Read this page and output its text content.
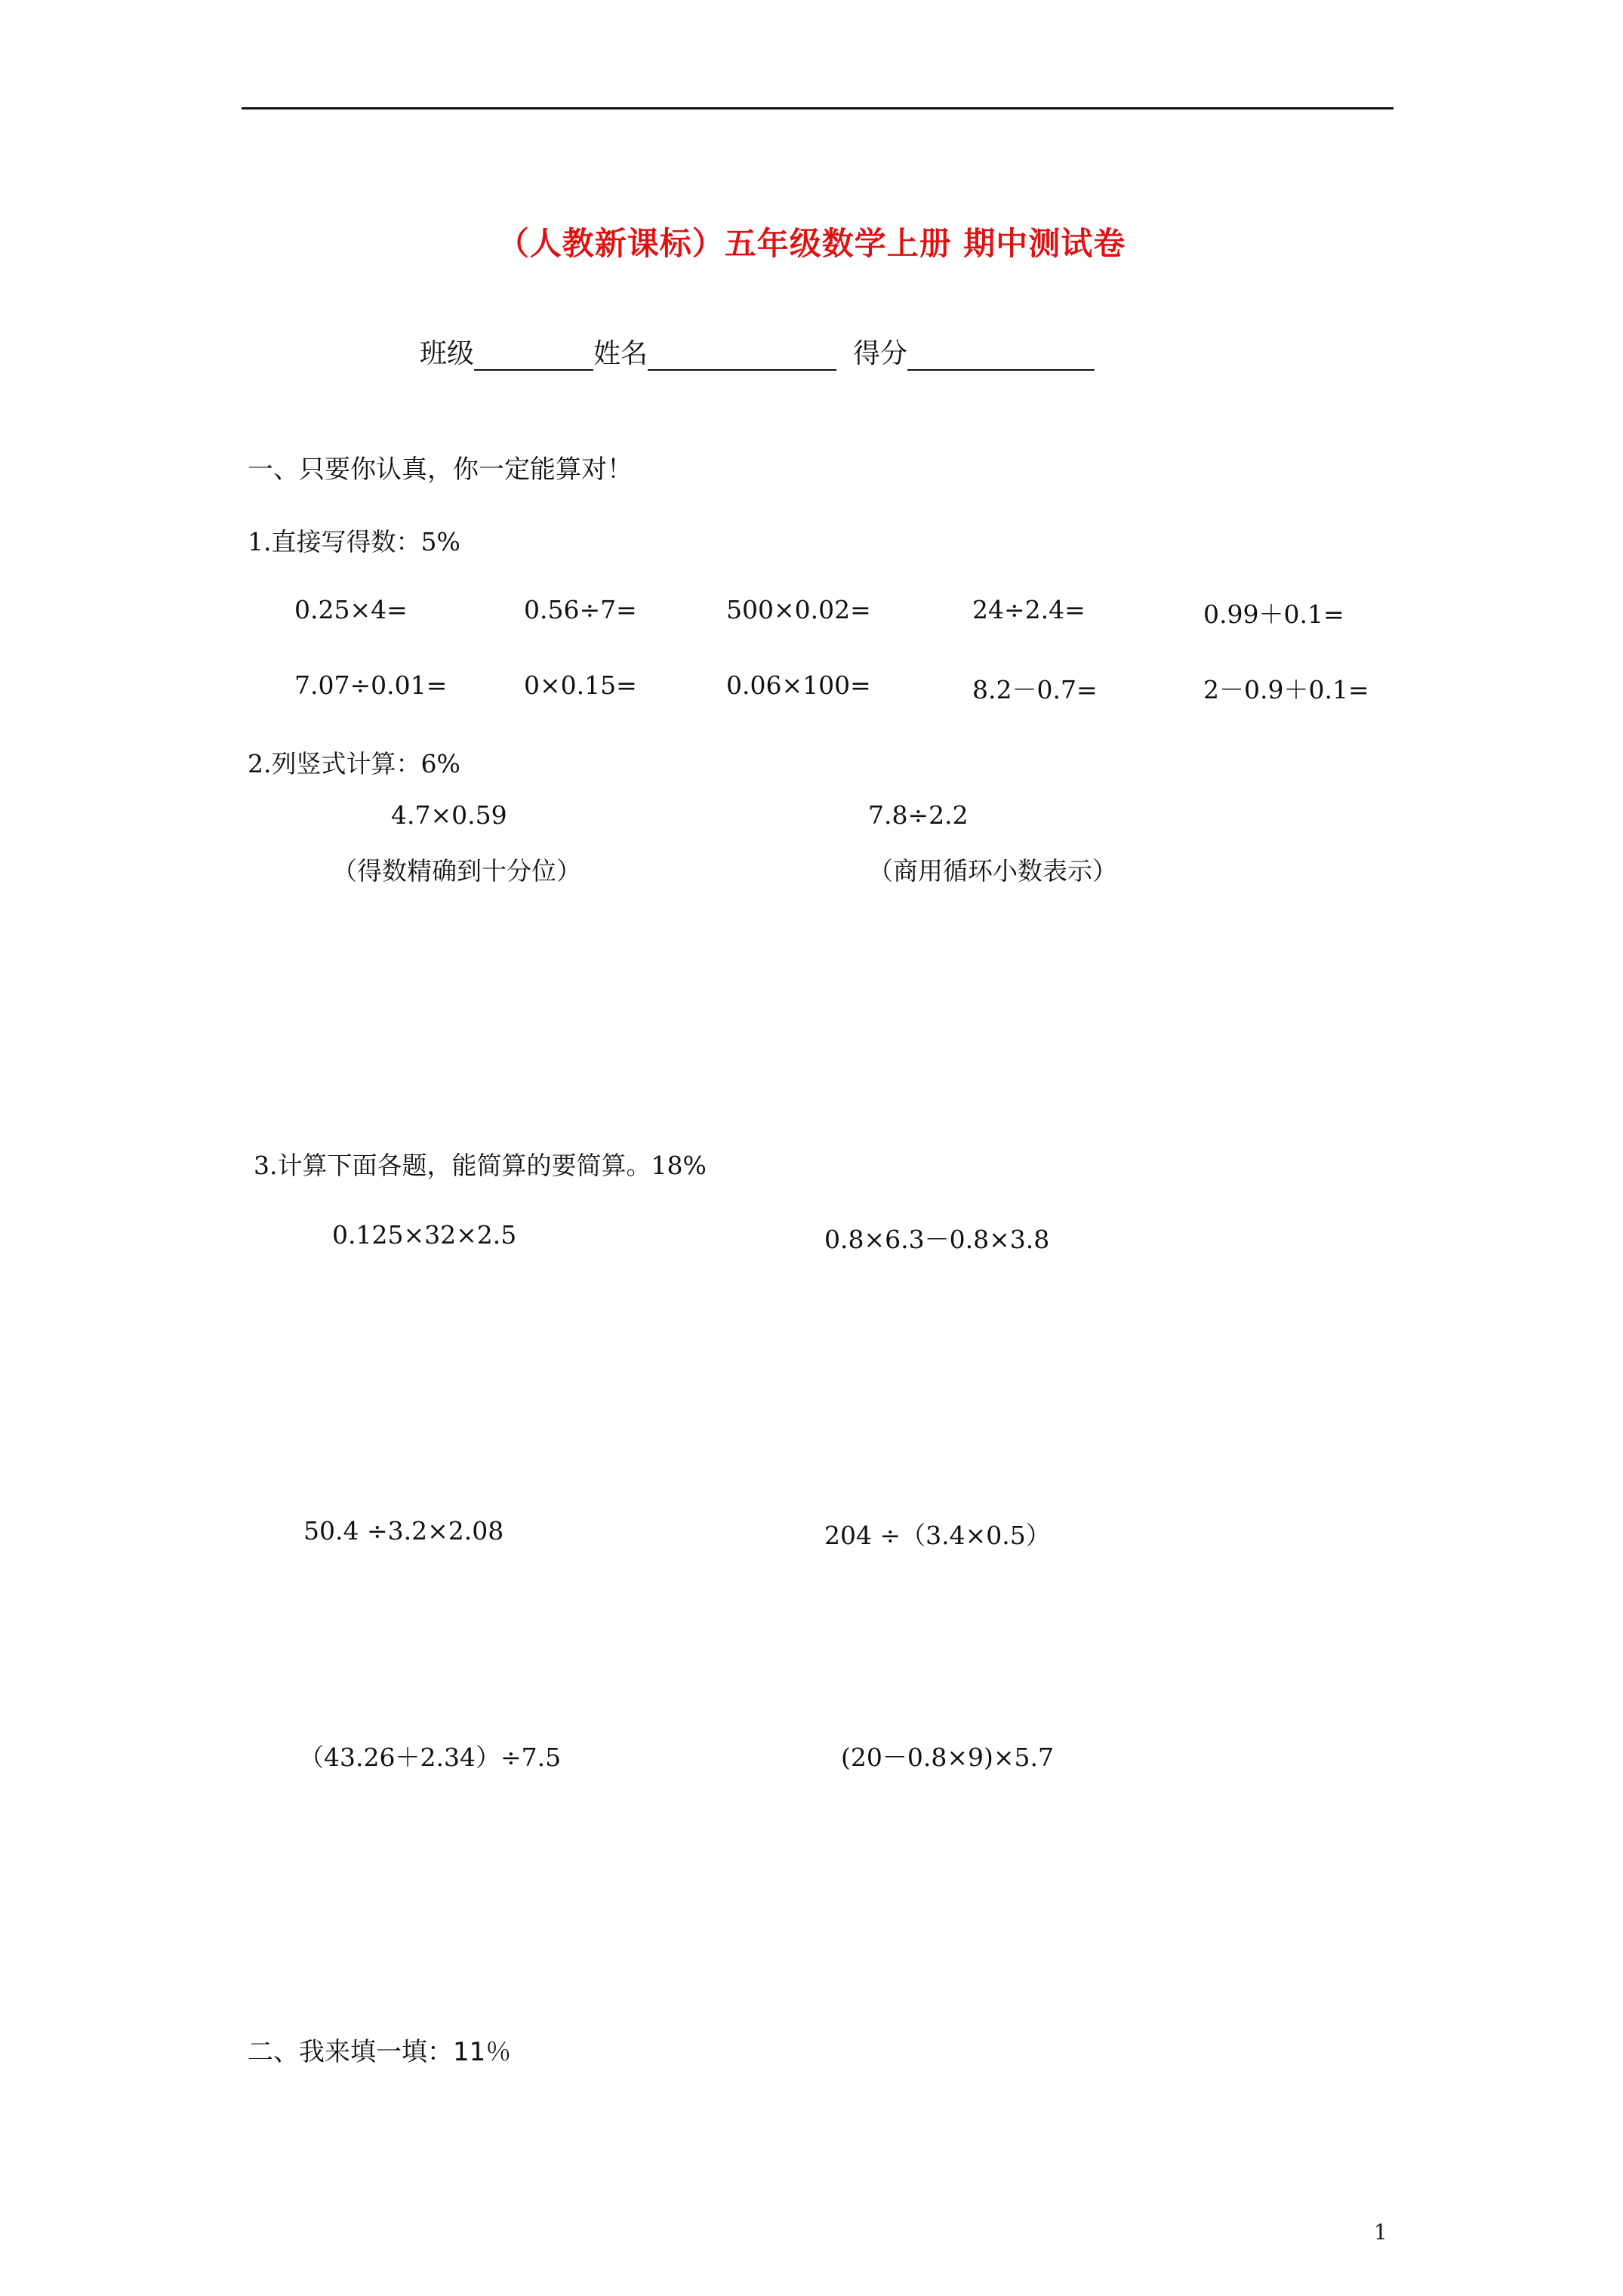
（人教新课标）五年级数学上册 期中测试卷
班级	姓名	得分
一、只要你认真，你一定能算对！
1.直接写得数：5%
0.25×4=	0.56÷7=	500×0.02=	24÷2.4=	0.99＋0.1=
7.07÷0.01=	0×0.15=	0.06×100=	8.2－0.7=	2－0.9＋0.1=
2.列竖式计算：6%
4.7×0.59
（得数精确到十分位）
7.8÷2.2
（商用循环小数表示）
3.计算下面各题，能简算的要简算。18%
0.125×32×2.5	0.8×6.3－0.8×3.8
50.4 ÷3.2×2.08	204 ÷（3.4×0.5）
（43.26＋2.34）÷7.5	(20－0.8×9)×5.7
二、我来填一填：11％
1
